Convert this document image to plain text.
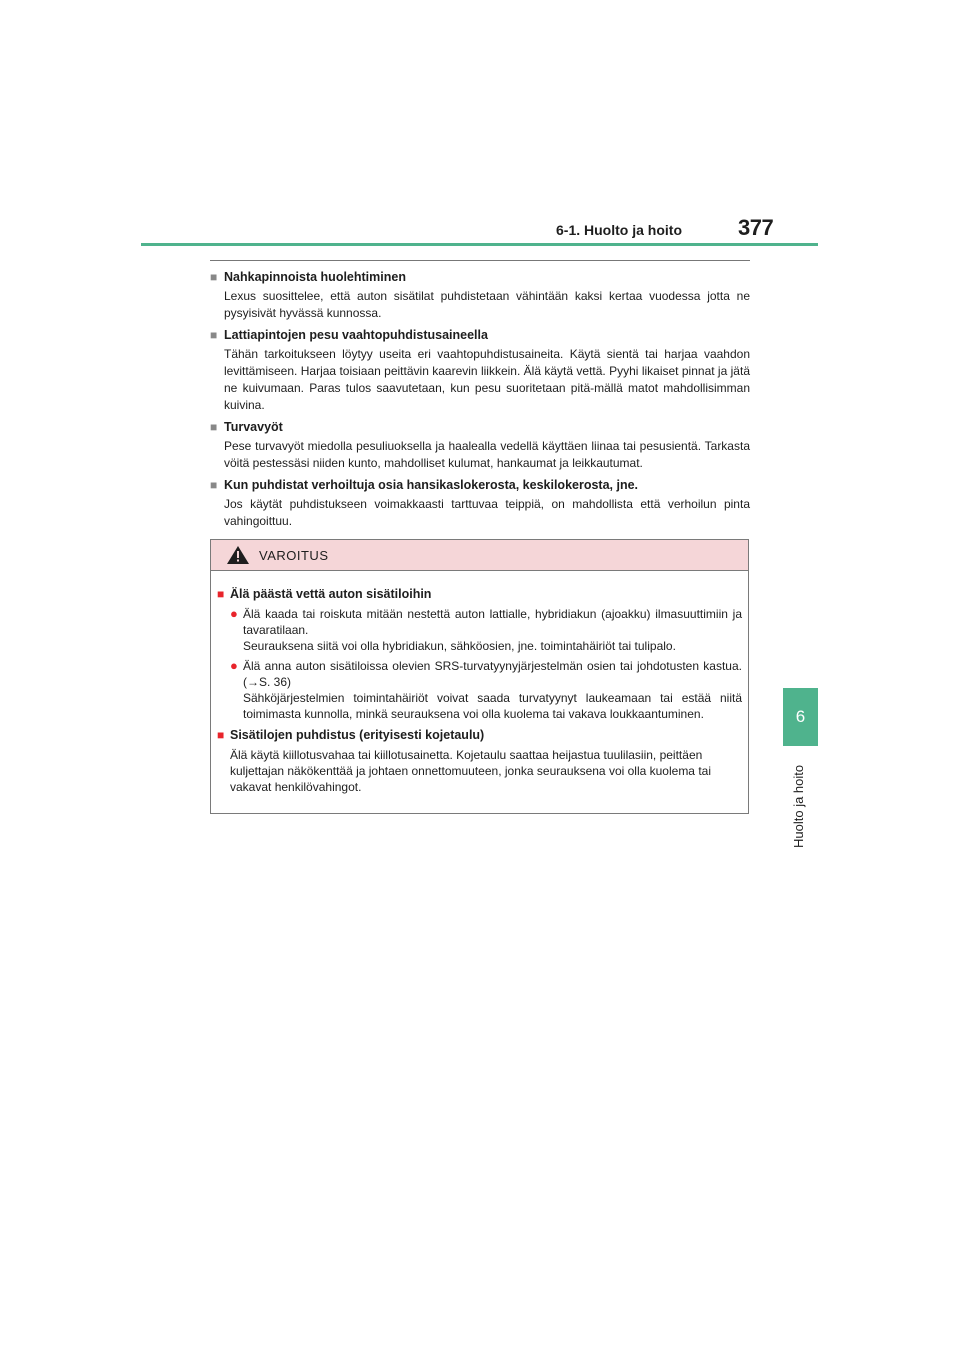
6-1. Huolto ja hoito	377
6
Huolto ja hoito
■ Nahkapinnoista huolehtiminen
Lexus suosittelee, että auton sisätilat puhdistetaan vähintään kaksi kertaa vuodessa jotta ne pysyisivät hyvässä kunnossa.
■ Lattiapintojen pesu vaahtopuhdistusaineella
Tähän tarkoitukseen löytyy useita eri vaahtopuhdistusaineita. Käytä sientä tai harjaa vaahdon levittämiseen. Harjaa toisiaan peittävin kaarevin liikkein. Älä käytä vettä. Pyyhi likaiset pinnat ja jätä ne kuivumaan. Paras tulos saavutetaan, kun pesu suoritetaan pitä-mällä matot mahdollisimman kuivina.
■ Turvavyöt
Pese turvavyöt miedolla pesuliuoksella ja haalealla vedellä käyttäen liinaa tai pesusientä. Tarkasta vöitä pestessäsi niiden kunto, mahdolliset kulumat, hankaumat ja leikkautumat.
■ Kun puhdistat verhoiltuja osia hansikaslokerosta, keskilokerosta, jne.
Jos käytät puhdistukseen voimakkaasti tarttuvaa teippiä, on mahdollista että verhoilun pinta vahingoittuu.
VAROITUS
■ Älä päästä vettä auton sisätiloihin
● Älä kaada tai roiskuta mitään nestettä auton lattialle, hybridiakun (ajoakku) ilmasuuttimiin ja tavaratilaan.
Seurauksena siitä voi olla hybridiakun, sähköosien, jne. toimintahäiriöt tai tulipalo.
● Älä anna auton sisätiloissa olevien SRS-turvatyynyjärjestelmän osien tai johdotusten kastua. (→S. 36)
Sähköjärjestelmien toimintahäiriöt voivat saada turvatyynyt laukeamaan tai estää niitä toimimasta kunnolla, minkä seurauksena voi olla kuolema tai vakava loukkaantuminen.
■ Sisätilojen puhdistus (erityisesti kojetaulu)
Älä käytä kiillotusvahaa tai kiillotusainetta. Kojetaulu saattaa heijastua tuulilasiin, peittäen kuljettajan näkökenttää ja johtaen onnettomuuteen, jonka seurauksena voi olla kuolema tai vakavat henkilövahingot.
